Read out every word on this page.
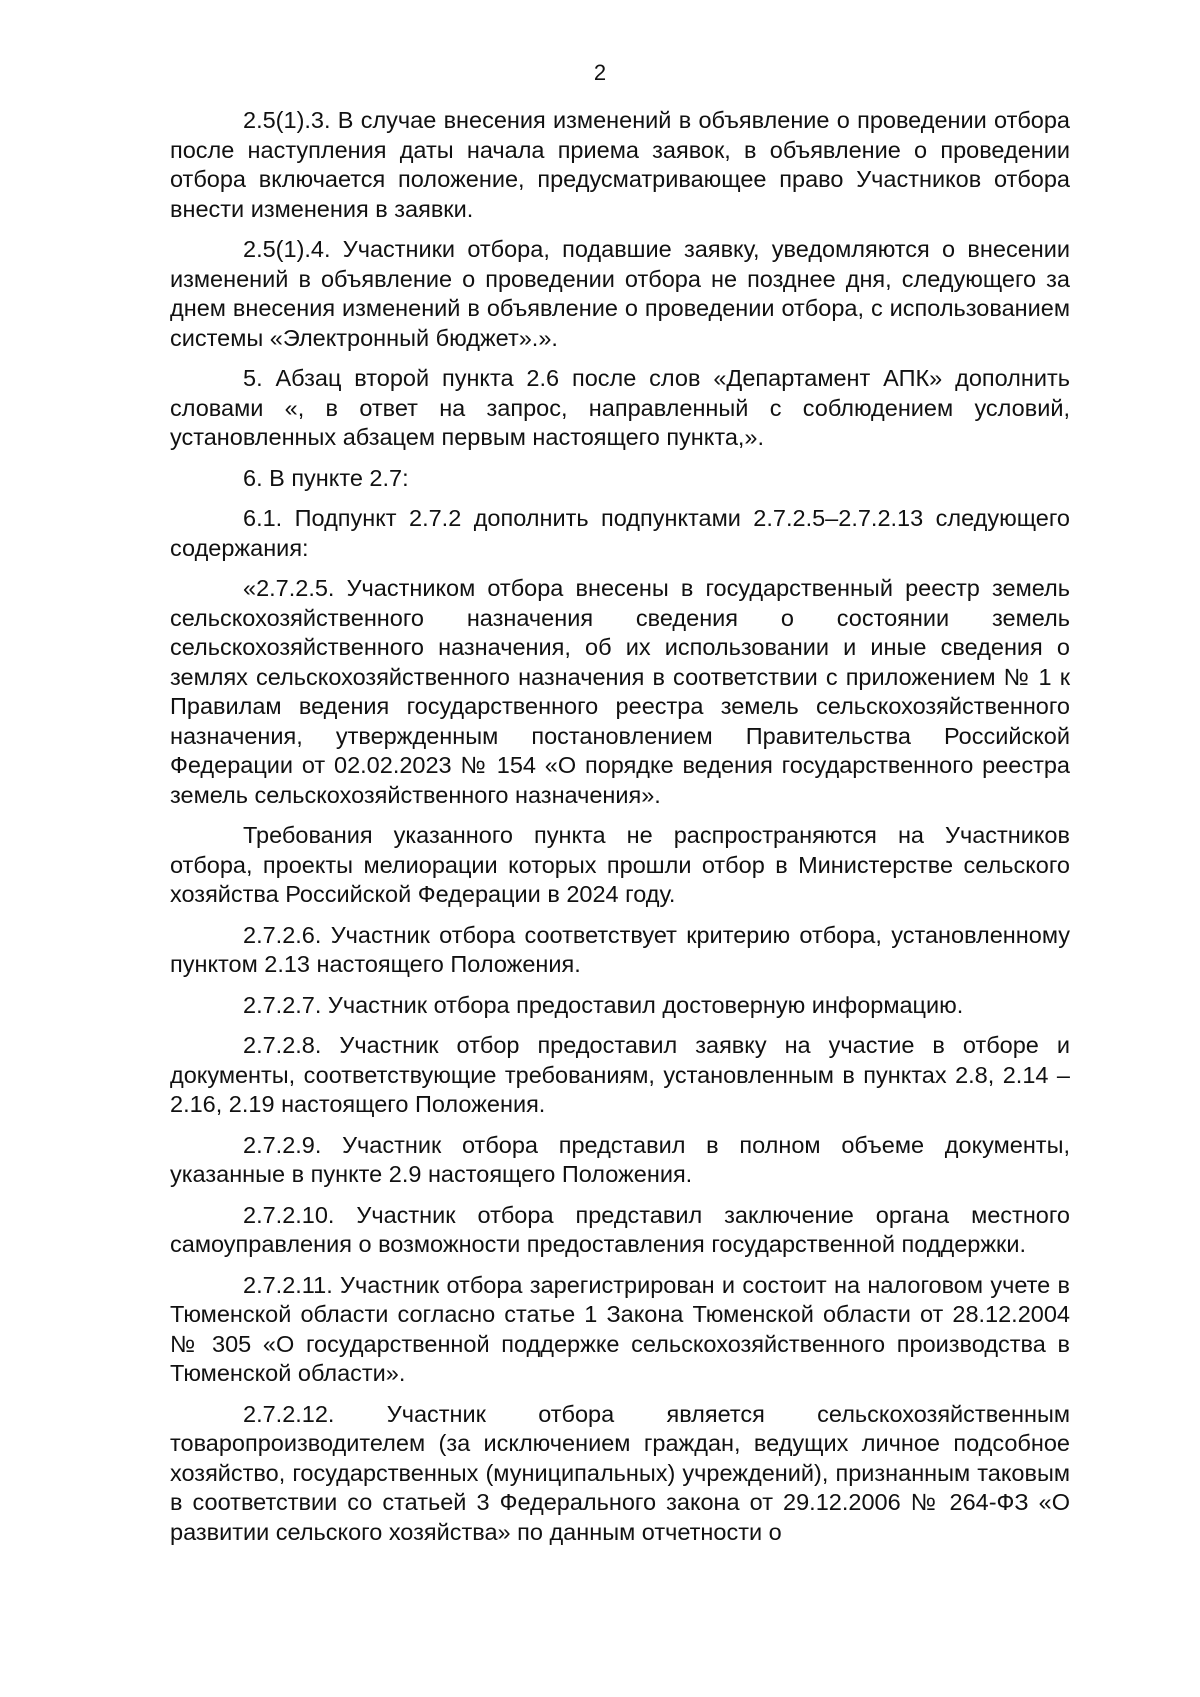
2

2.5(1).3. В случае внесения изменений в объявление о проведении отбора после наступления даты начала приема заявок, в объявление о проведении отбора включается положение, предусматривающее право Участников отбора внести изменения в заявки.

2.5(1).4. Участники отбора, подавшие заявку, уведомляются о внесении изменений в объявление о проведении отбора не позднее дня, следующего за днем внесения изменений в объявление о проведении отбора, с использованием системы «Электронный бюджет».».

5. Абзац второй пункта 2.6 после слов «Департамент АПК» дополнить словами «, в ответ на запрос, направленный с соблюдением условий, установленных абзацем первым настоящего пункта,».

6. В пункте 2.7:

6.1. Подпункт 2.7.2 дополнить подпунктами 2.7.2.5–2.7.2.13 следующего содержания:

«2.7.2.5. Участником отбора внесены в государственный реестр земель сельскохозяйственного назначения сведения о состоянии земель сельскохозяйственного назначения, об их использовании и иные сведения о землях сельскохозяйственного назначения в соответствии с приложением № 1 к Правилам ведения государственного реестра земель сельскохозяйственного назначения, утвержденным постановлением Правительства Российской Федерации от 02.02.2023 № 154 «О порядке ведения государственного реестра земель сельскохозяйственного назначения».

Требования указанного пункта не распространяются на Участников отбора, проекты мелиорации которых прошли отбор в Министерстве сельского хозяйства Российской Федерации в 2024 году.

2.7.2.6. Участник отбора соответствует критерию отбора, установленному пунктом 2.13 настоящего Положения.

2.7.2.7. Участник отбора предоставил достоверную информацию.

2.7.2.8. Участник отбор предоставил заявку на участие в отборе и документы, соответствующие требованиям, установленным в пунктах 2.8, 2.14 –2.16, 2.19 настоящего Положения.

2.7.2.9. Участник отбора представил в полном объеме документы, указанные в пункте 2.9 настоящего Положения.

2.7.2.10. Участник отбора представил заключение органа местного самоуправления о возможности предоставления государственной поддержки.

2.7.2.11. Участник отбора зарегистрирован и состоит на налоговом учете в Тюменской области согласно статье 1 Закона Тюменской области от 28.12.2004 № 305 «О государственной поддержке сельскохозяйственного производства в Тюменской области».

2.7.2.12. Участник отбора является сельскохозяйственным товаропроизводителем (за исключением граждан, ведущих личное подсобное хозяйство, государственных (муниципальных) учреждений), признанным таковым в соответствии со статьей 3 Федерального закона от 29.12.2006 № 264-ФЗ «О развитии сельского хозяйства» по данным отчетности о
